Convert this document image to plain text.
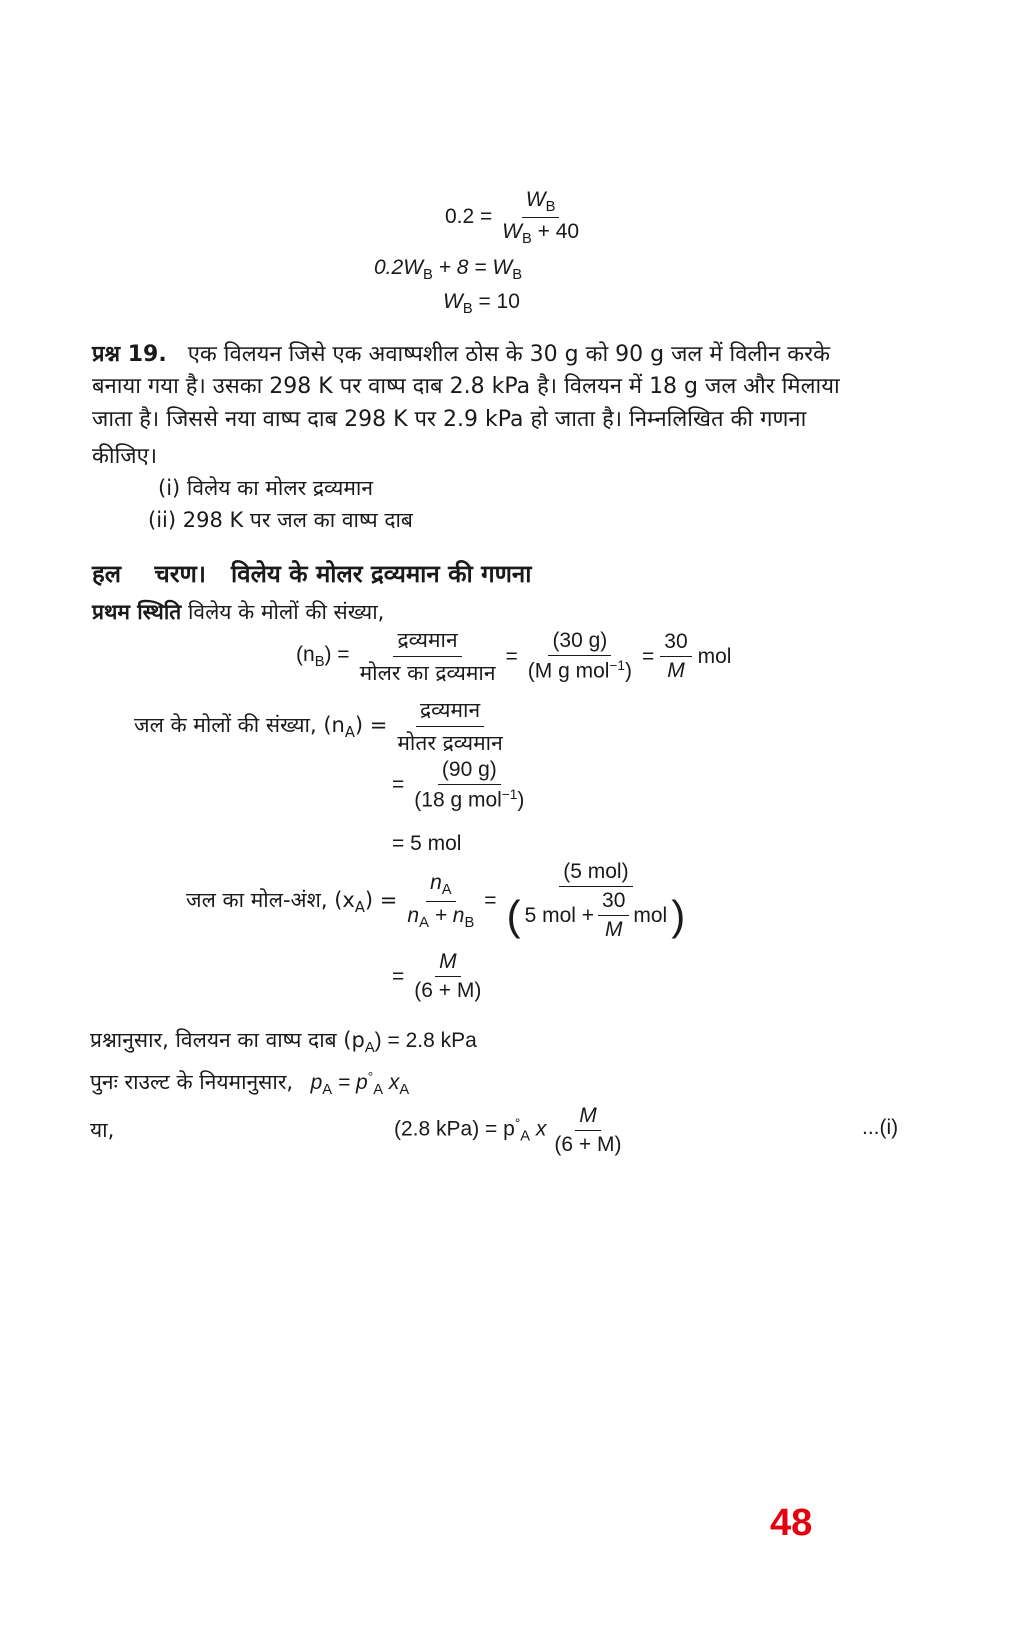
$0.2 = \frac{W_B}{W_B + 40}$
$0.2W_B + 8 = W_B$
$W_B = 10$
प्रश्न 19. एक विलयन जिसे एक अवाष्पशील ठोस के 30 g को 90 g जल में विलीन करके
बनाया गया है। उसका 298 K पर वाष्प दाब 2.8 kPa है। विलयन में 18 g जल और मिलाया
जाता है। जिससे नया वाष्प दाब 298 K पर 2.9 kPa हो जाता है। निम्नलिखित की गणना
कीजिए।
(i) विलेय का मोलर द्रव्यमान
(ii) 298 K पर जल का वाष्प दाब
हल चरण। विलेय के मोलर द्रव्यमान की गणना
प्रथम स्थिति विलेय के मोलों की संख्या,
$(n_B)$ =
द्रव्यमान
मोलर का द्रव्यमान
=
(30 g)
(M g mol$^{-1}$)
= $\frac{30}{M}$ mol
जल के मोलों की संख्या, $(n_A)$ =
द्रव्यमान
मोतर द्रव्यमान
=
(90 g)
(18 g mol$^{-1}$)
= 5 mol
जल का मोल-अंश, $(x_A) = \frac{n_A}{n_A + n_B}$ =
(5 mol)
( 5 mol + $\frac{30}{M}$ mol )
= $\frac{M}{(6 + M)}$
प्रश्नानुसार, विलयन का वाष्प दाब $(p_A) = 2.8$ kPa
पुनः राउल्ट के नियमानुसार, $p_A = p^\circ_A$ $x_A$
या,	(2.8 $kPa) = p^\circ_A$ x $\frac{M}{(6 + M)}$	...(i)
48
